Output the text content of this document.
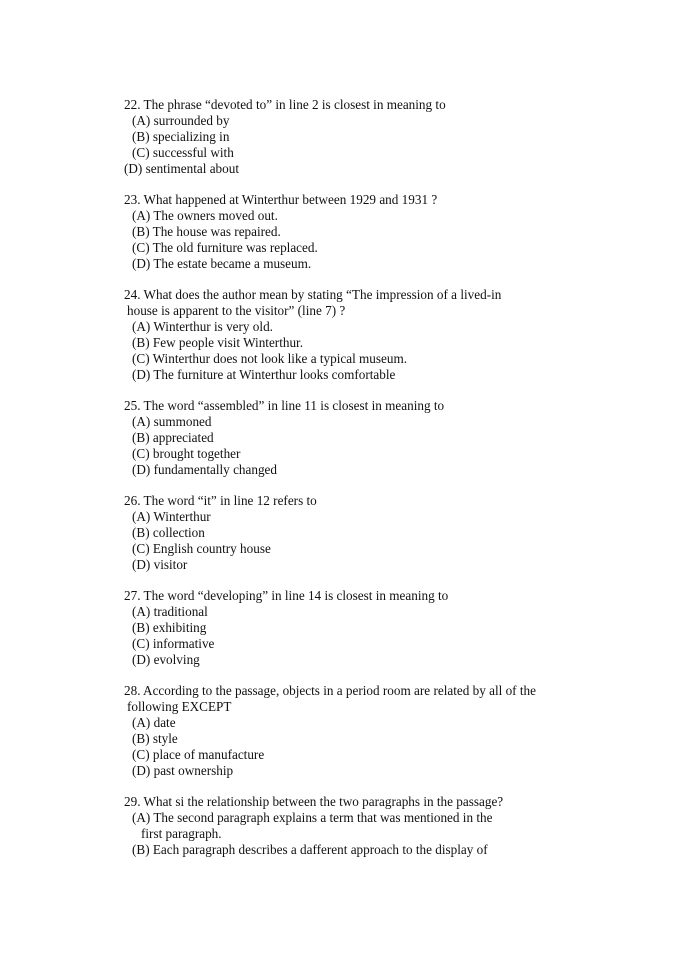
22. The phrase “devoted to” in line 2 is closest in meaning to
(A) surrounded by
(B) specializing in
(C) successful with
(D) sentimental about
23. What happened at Winterthur between 1929 and 1931 ?
(A) The owners moved out.
(B) The house was repaired.
(C) The old furniture was replaced.
(D) The estate became a museum.
24. What does the author mean by stating “The impression of a lived-in
house is apparent to the visitor” (line 7) ?
(A) Winterthur is very old.
(B) Few people visit Winterthur.
(C) Winterthur does not look like a typical museum.
(D) The furniture at Winterthur looks comfortable
25. The word “assembled” in line 11 is closest in meaning to
(A) summoned
(B) appreciated
(C) brought together
(D) fundamentally changed
26. The word “it” in line 12 refers to
(A) Winterthur
(B) collection
(C) English country house
(D) visitor
27. The word “developing” in line 14 is closest in meaning to
(A) traditional
(B) exhibiting
(C) informative
(D) evolving
28. According to the passage, objects in a period room are related by all of the
following EXCEPT
(A) date
(B) style
(C) place of manufacture
(D) past ownership
29. What si the relationship between the two paragraphs in the passage?
(A) The second paragraph explains a term that was mentioned in the
first paragraph.
(B) Each paragraph describes a dafferent approach to the display of
